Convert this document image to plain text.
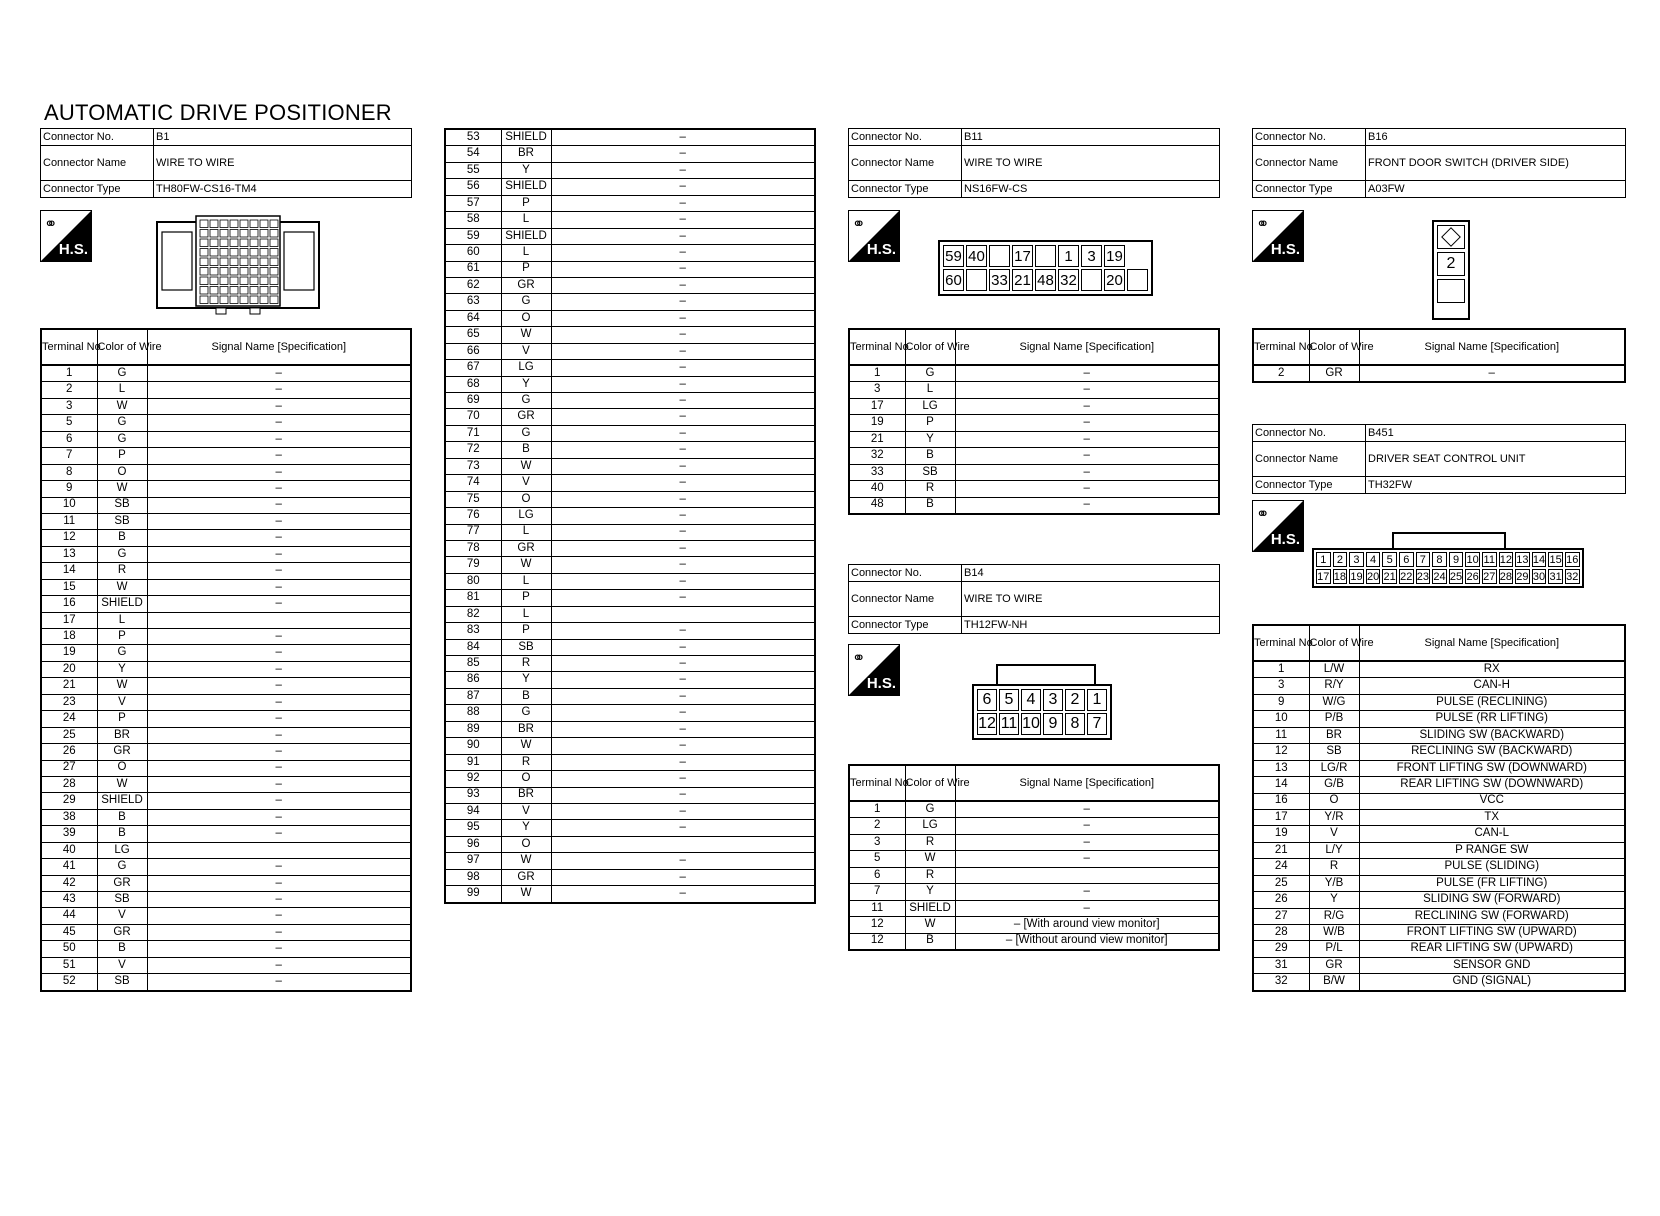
AUTOMATIC DRIVE POSITIONER
Connector No.	B1
Connector Name	WIRE TO WIRE
Connector Type	TH80FW-CS16-TM4
⚭
H.S.
Terminal No.	Color of Wire	Signal Name [Specification]
1	G	–
2	L	–
3	W	–
5	G	–
6	G	–
7	P	–
8	O	–
9	W	–
10	SB	–
11	SB	–
12	B	–
13	G	–
14	R	–
15	W	–
16	SHIELD	–
17	L	
18	P	–
19	G	–
20	Y	–
21	W	–
23	V	–
24	P	–
25	BR	–
26	GR	–
27	O	–
28	W	–
29	SHIELD	–
38	B	–
39	B	–
40	LG	
41	G	–
42	GR	–
43	SB	–
44	V	–
45	GR	–
50	B	–
51	V	–
52	SB	–
53	SHIELD	–
54	BR	–
55	Y	–
56	SHIELD	–
57	P	–
58	L	–
59	SHIELD	–
60	L	–
61	P	–
62	GR	–
63	G	–
64	O	–
65	W	–
66	V	–
67	LG	–
68	Y	–
69	G	–
70	GR	–
71	G	–
72	B	–
73	W	–
74	V	–
75	O	–
76	LG	–
77	L	–
78	GR	–
79	W	–
80	L	–
81	P	–
82	L	
83	P	–
84	SB	–
85	R	–
86	Y	–
87	B	–
88	G	–
89	BR	–
90	W	–
91	R	–
92	O	–
93	BR	–
94	V	–
95	Y	–
96	O	
97	W	–
98	GR	–
99	W	–
Connector No.	B11
Connector Name	WIRE TO WIRE
Connector Type	NS16FW-CS
⚭
H.S.	59 40 17	1 3 19
60 33 21 48 32 20
Terminal No.	Color of Wire	Signal Name [Specification]
1	G	–
3	L	–
17	LG	–
19	P	–
21	Y	–
32	B	–
33	SB	–
40	R	–
48	B	–
Connector No.	B14
Connector Name	WIRE TO WIRE
Connector Type	TH12FW-NH
⚭
H.S.
6 5 4 3 2 1
12 11 10 9 8 7
Terminal No.	Color of Wire	Signal Name [Specification]
1	G	–
2	LG	–
3	R	–
5	W	–
6	R	
7	Y	–
11	SHIELD	–
12	W	– [With around view monitor]
12	B	– [Without around view monitor]
Connector No.	B16
Connector Name	FRONT DOOR SWITCH (DRIVER SIDE)
Connector Type	A03FW
⚭
H.S.
2
Terminal No.	Color of Wire	Signal Name [Specification]
2	GR	–
Connector No.	B451
Connector Name	DRIVER SEAT CONTROL UNIT
Connector Type	TH32FW
⚭
H.S.
1 2 3 4 5 6 7 8 9 10 11 12 13 14 15 16
17 18 19 20 21 22 23 24 25 26 27 28 29 30 31 32
Terminal No.	Color of Wire	Signal Name [Specification]
1	L/W	RX
3	R/Y	CAN-H
9	W/G	PULSE (RECLINING)
10	P/B	PULSE (RR LIFTING)
11	BR	SLIDING SW (BACKWARD)
12	SB	RECLINING SW (BACKWARD)
13	LG/R	FRONT LIFTING SW (DOWNWARD)
14	G/B	REAR LIFTING SW (DOWNWARD)
16	O	VCC
17	Y/R	TX
19	V	CAN-L
21	L/Y	P RANGE SW
24	R	PULSE (SLIDING)
25	Y/B	PULSE (FR LIFTING)
26	Y	SLIDING SW (FORWARD)
27	R/G	RECLINING SW (FORWARD)
28	W/B	FRONT LIFTING SW (UPWARD)
29	P/L	REAR LIFTING SW (UPWARD)
31	GR	SENSOR GND
32	B/W	GND (SIGNAL)
